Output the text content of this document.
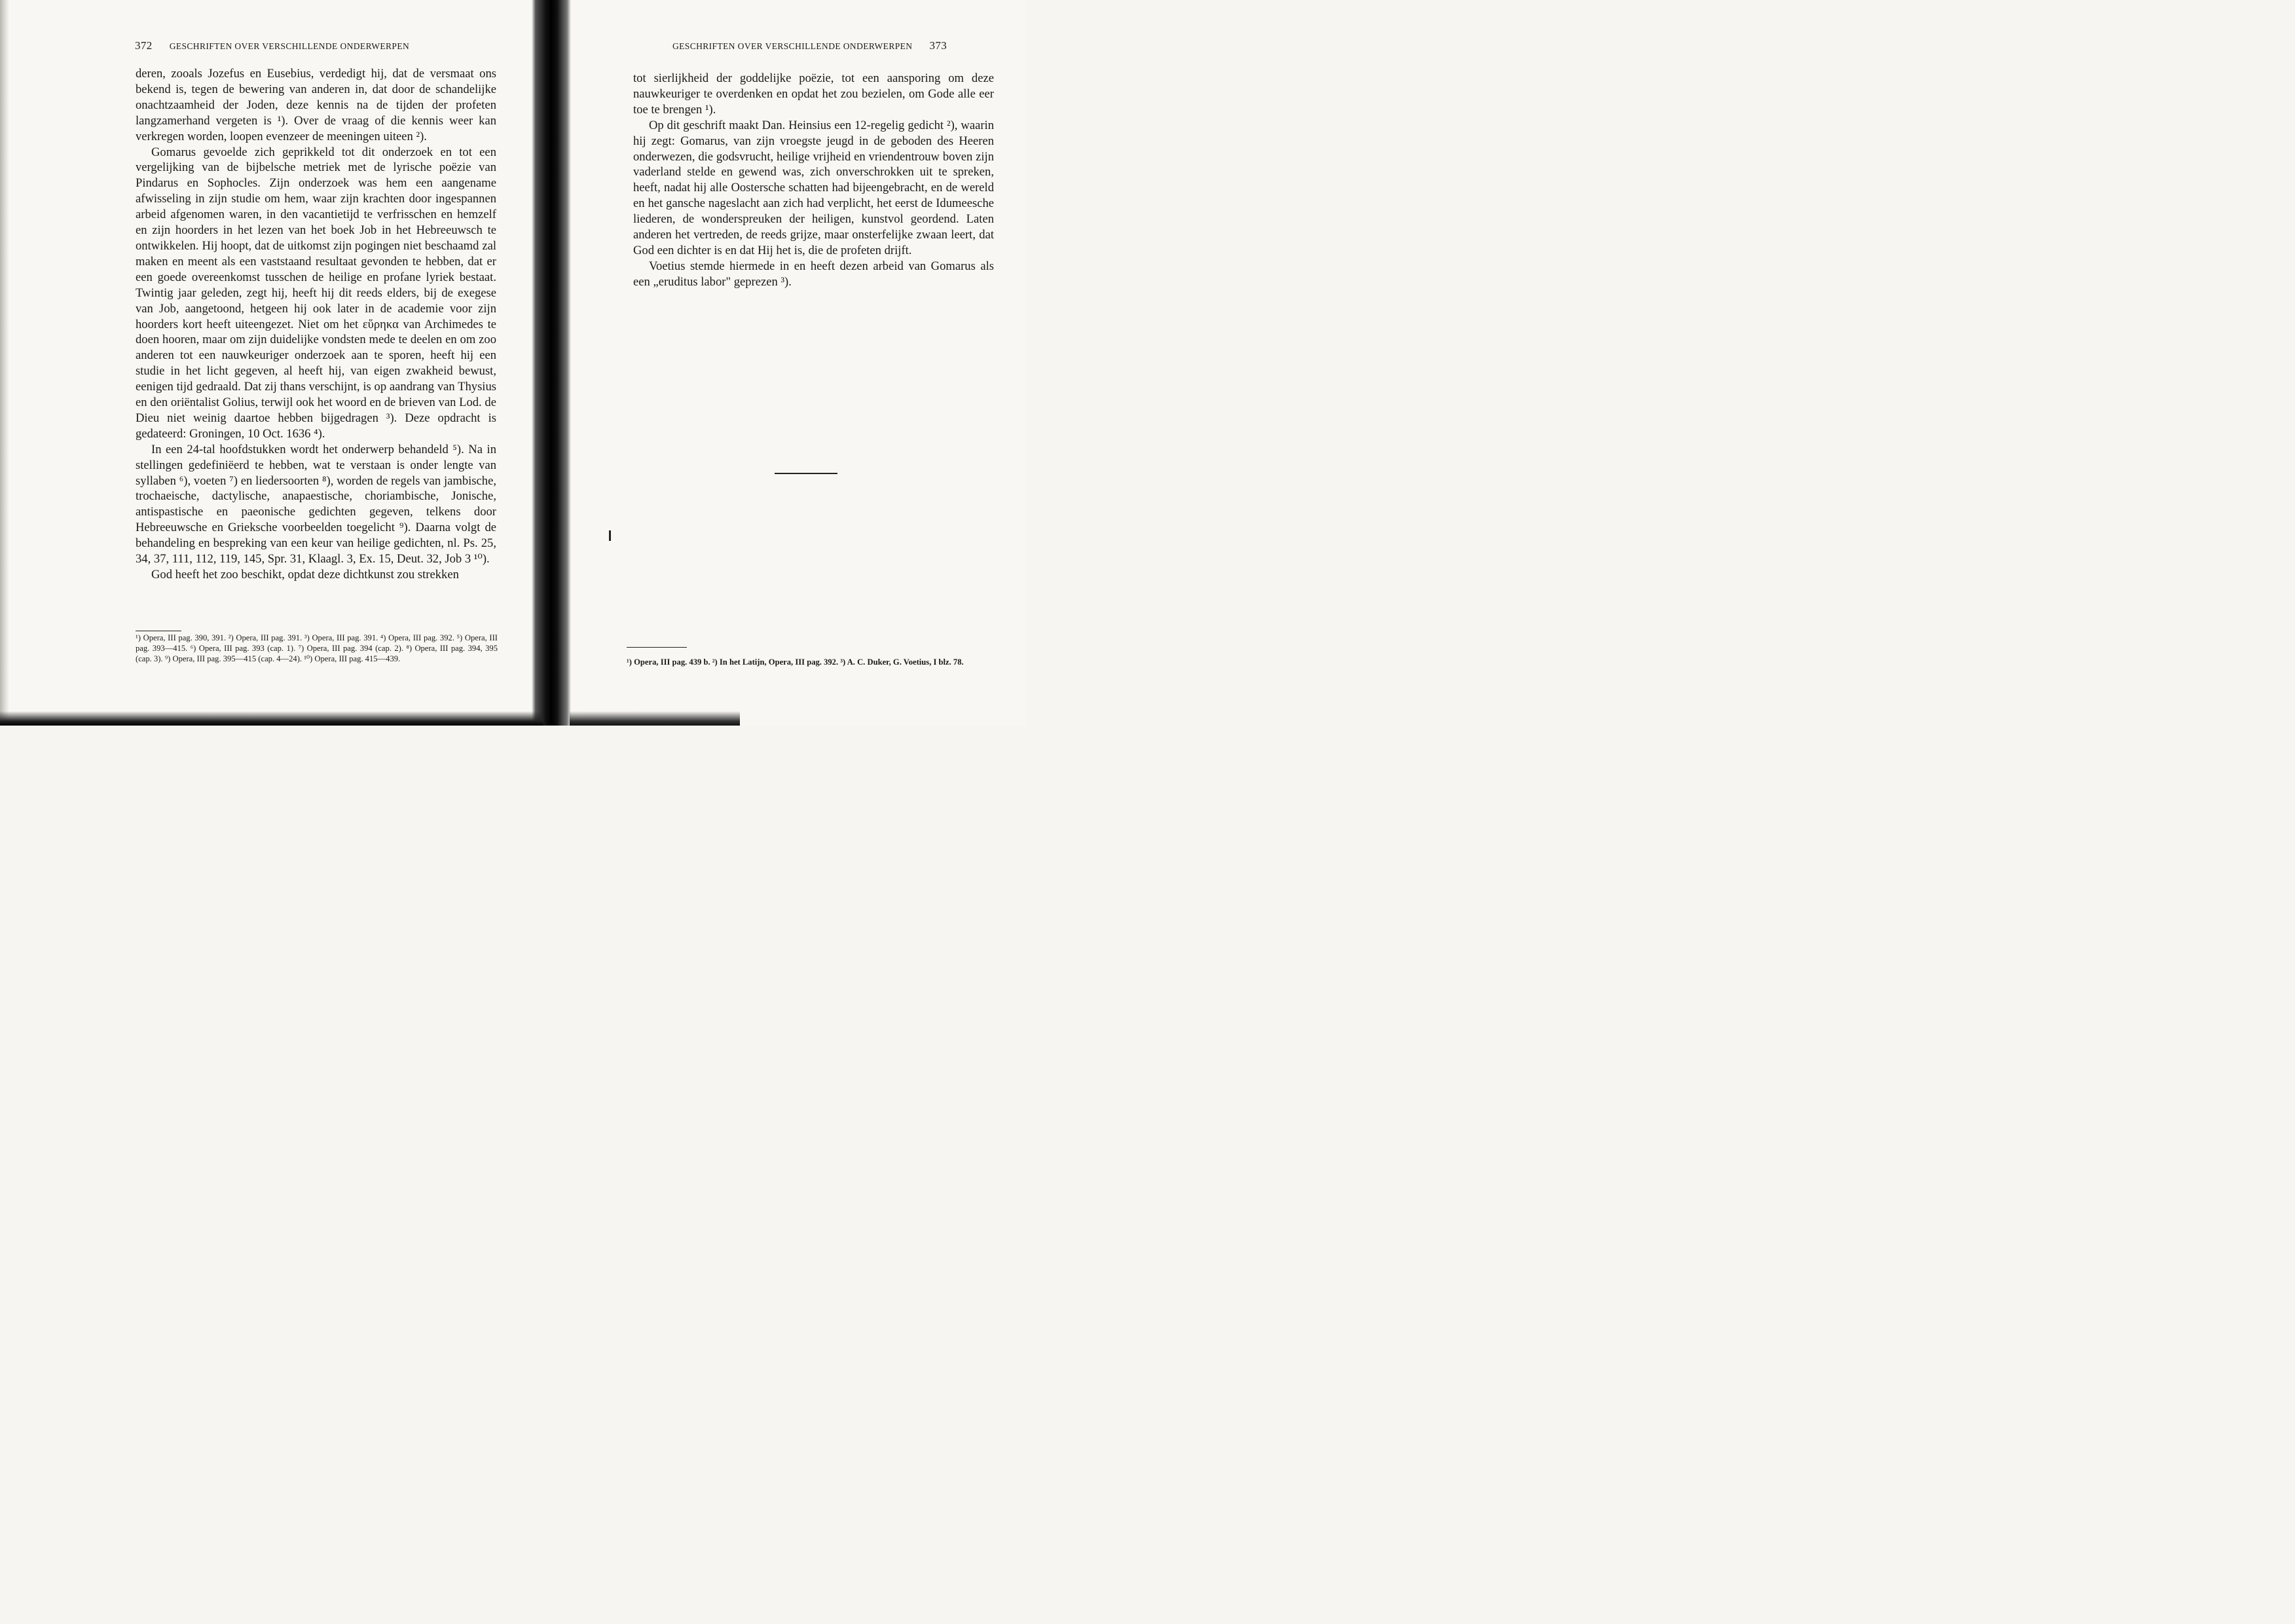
372 GESCHRIFTEN OVER VERSCHILLENDE ONDERWERPEN

deren, zooals Jozefus en Eusebius, verdedigt hij, dat de versmaat ons bekend is, tegen de bewering van anderen in, dat door de schandelijke onachtzaamheid der Joden, deze kennis na de tijden der profeten langzamerhand vergeten is ¹). Over de vraag of die kennis weer kan verkregen worden, loopen evenzeer de meeningen uiteen ²).

Gomarus gevoelde zich geprikkeld tot dit onderzoek en tot een vergelijking van de bijbelsche metriek met de lyrische poëzie van Pindarus en Sophocles. Zijn onderzoek was hem een aangename afwisseling in zijn studie om hem, waar zijn krachten door ingespannen arbeid afgenomen waren, in den vacantietijd te verfrisschen en hemzelf en zijn hoorders in het lezen van het boek Job in het Hebreeuwsch te ontwikkelen. Hij hoopt, dat de uitkomst zijn pogingen niet beschaamd zal maken en meent als een vaststaand resultaat gevonden te hebben, dat er een goede overeenkomst tusschen de heilige en profane lyriek bestaat. Twintig jaar geleden, zegt hij, heeft hij dit reeds elders, bij de exegese van Job, aangetoond, hetgeen hij ook later in de academie voor zijn hoorders kort heeft uiteengezet. Niet om het εὕρηκα van Archimedes te doen hooren, maar om zijn duidelijke vondsten mede te deelen en om zoo anderen tot een nauwkeuriger onderzoek aan te sporen, heeft hij een studie in het licht gegeven, al heeft hij, van eigen zwakheid bewust, eenigen tijd gedraald. Dat zij thans verschijnt, is op aandrang van Thysius en den oriëntalist Golius, terwijl ook het woord en de brieven van Lod. de Dieu niet weinig daartoe hebben bijgedragen ³). Deze opdracht is gedateerd: Groningen, 10 Oct. 1636 ⁴).

In een 24-tal hoofdstukken wordt het onderwerp behandeld ⁵). Na in stellingen gedefiniëerd te hebben, wat te verstaan is onder lengte van syllaben ⁶), voeten ⁷) en liedersoorten ⁸), worden de regels van jambische, trochaeische, dactylische, anapaestische, choriambische, Jonische, antispastische en paeonische gedichten gegeven, telkens door Hebreeuwsche en Grieksche voorbeelden toegelicht ⁹). Daarna volgt de behandeling en bespreking van een keur van heilige gedichten, nl. Ps. 25, 34, 37, 111, 112, 119, 145, Spr. 31, Klaagl. 3, Ex. 15, Deut. 32, Job 3 ¹⁰).

God heeft het zoo beschikt, opdat deze dichtkunst zou strekken

¹) Opera, III pag. 390, 391. ²) Opera, III pag. 391. ³) Opera, III pag. 391. ⁴) Opera, III pag. 392. ⁵) Opera, III pag. 393—415. ⁶) Opera, III pag. 393 (cap. 1). ⁷) Opera, III pag. 394 (cap. 2). ⁸) Opera, III pag. 394, 395 (cap. 3). ⁹) Opera, III pag. 395—415 (cap. 4—24). ¹⁰) Opera, III pag. 415—439.

GESCHRIFTEN OVER VERSCHILLENDE ONDERWERPEN 373

tot sierlijkheid der goddelijke poëzie, tot een aansporing om deze nauwkeuriger te overdenken en opdat het zou bezielen, om Gode alle eer toe te brengen ¹).

Op dit geschrift maakt Dan. Heinsius een 12-regelig gedicht ²), waarin hij zegt: Gomarus, van zijn vroegste jeugd in de geboden des Heeren onderwezen, die godsvrucht, heilige vrijheid en vriendentrouw boven zijn vaderland stelde en gewend was, zich onverschrokken uit te spreken, heeft, nadat hij alle Oostersche schatten had bijeengebracht, en de wereld en het gansche nageslacht aan zich had verplicht, het eerst de Idumeesche liederen, de wonderspreuken der heiligen, kunstvol geordend. Laten anderen het vertreden, de reeds grijze, maar onsterfelijke zwaan leert, dat God een dichter is en dat Hij het is, die de profeten drijft.

Voetius stemde hiermede in en heeft dezen arbeid van Gomarus als een „eruditus labor" geprezen ³).

¹) Opera, III pag. 439 b. ²) In het Latijn, Opera, III pag. 392. ³) A. C. Duker, G. Voetius, I blz. 78.
